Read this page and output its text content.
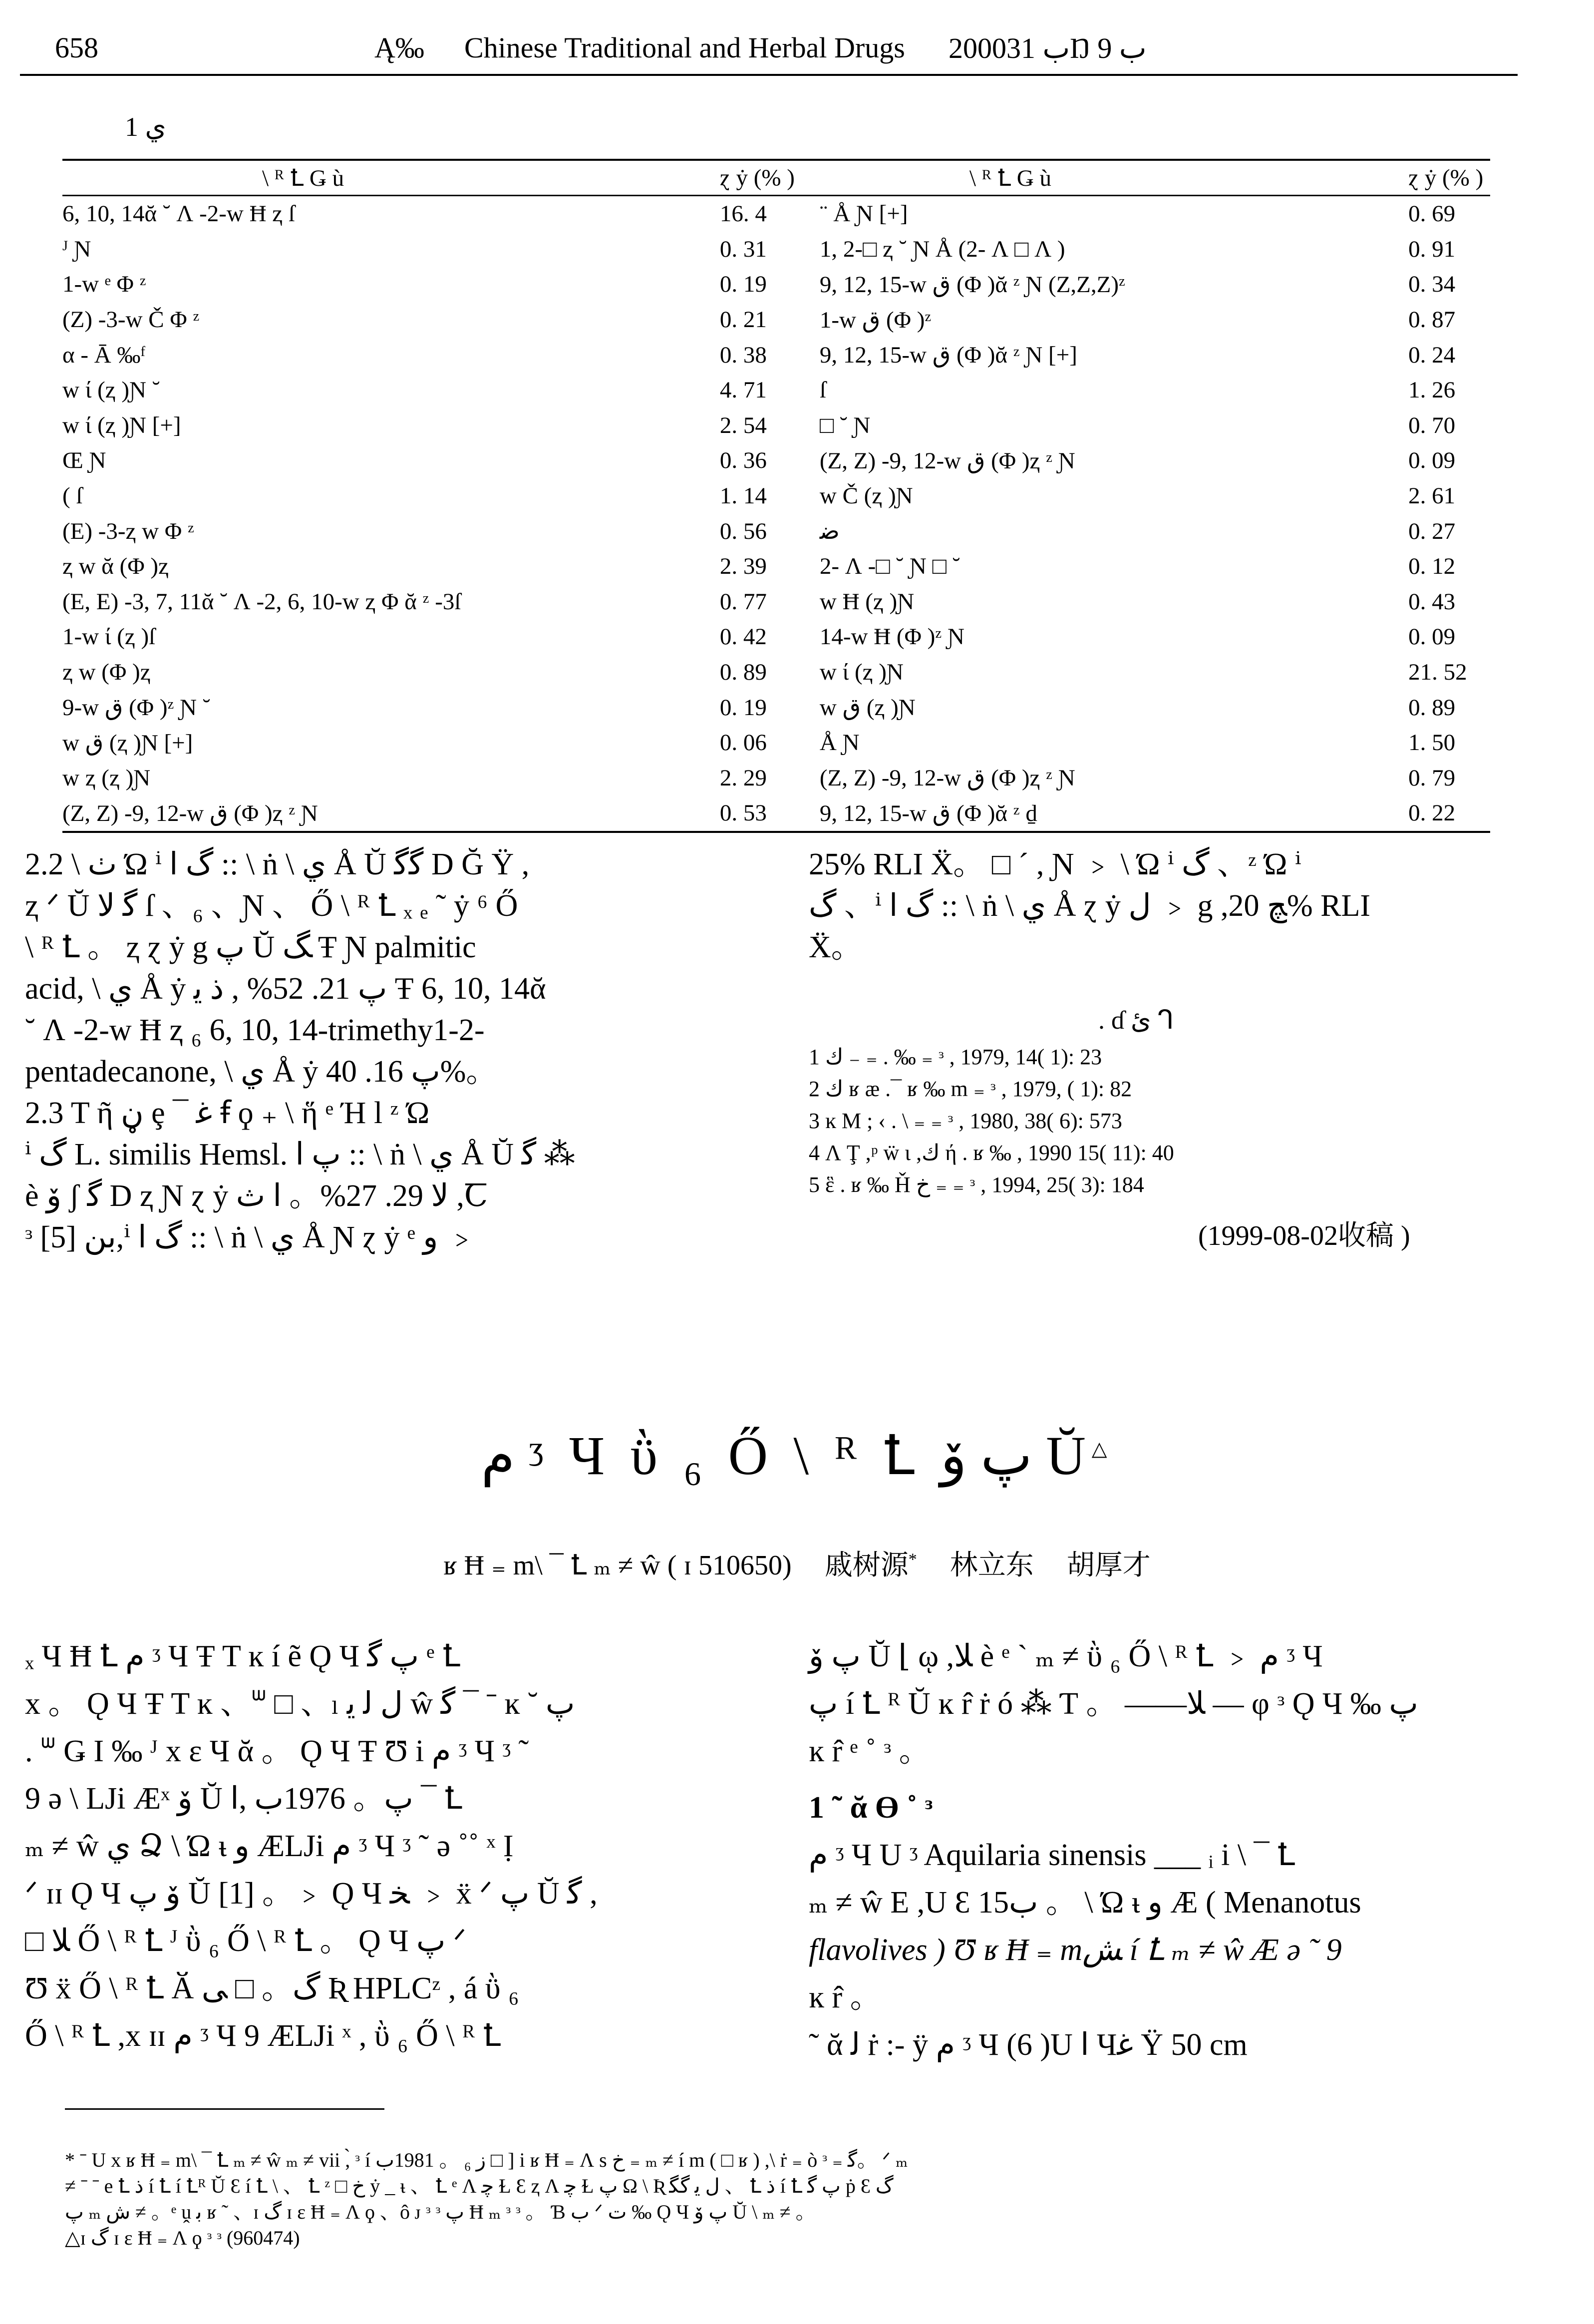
658	Ą‰ Chinese Traditional and Herbal Drugs 2000ب 31Ŋ ب 9
ي 1
\ ᴿ Ꝉ Ǥ ù	ɀ ẏ (% )	\ ᴿ Ꝉ Ǥ ù	ɀ ẏ (% )
6, 10, 14ᾰ ˘ Ʌ -2-w Ħ ⱬ ſ	16. 4	¨ Å Ɲ [+]	0. 69
ᴶ Ɲ	0. 31	1, 2-□ ⱬ ˘ Ɲ Å (2- Ʌ □ Ʌ )	0. 91
1-w ᵉ Φ ᶻ	0. 19	9, 12, 15-w ق (Φ )ᾰ ᶻ Ɲ (Z,Z,Z)ᶻ	0. 34
(Z) -3-w Č Φ ᶻ	0. 21	1-w ق (Φ )ᶻ	0. 87
α - Ā ‰ᶠ	0. 38	9, 12, 15-w ق (Φ )ᾰ ᶻ Ɲ [+]	0. 24
w ί (ⱬ )Ɲ ˘	4. 71	ſ	1. 26
w ί (ⱬ )Ɲ [+]	2. 54	□ ˘ Ɲ	0. 70
Œ Ɲ	0. 36	(Z, Z) -9, 12-w ق (Φ )ⱬ ᶻ Ɲ	0. 09
( ſ	1. 14	w Č (ⱬ )Ɲ	2. 61
(E) -3-ⱬ w Φ ᶻ	0. 56	ﺿ	0. 27
ⱬ w ᾰ (Φ )ⱬ	2. 39	2- Ʌ -□ ˘ Ɲ □ ˘	0. 12
(E, E) -3, 7, 11ᾰ ˘ Ʌ -2, 6, 10-w ⱬ Φ ᾰ ᶻ -3ſ	0. 77	w Ħ (ⱬ )Ɲ	0. 43
1-w ί (ⱬ )ſ	0. 42	14-w Ħ (Φ )ᶻ Ɲ	0. 09
ⱬ w (Φ )ⱬ	0. 89	w ί (ⱬ )Ɲ	21. 52
9-w ق (Φ )ᶻ Ɲ ˘	0. 19	w ق (ⱬ )Ɲ	0. 89
w ق (ⱬ )Ɲ [+]	0. 06	Å Ɲ	1. 50
w ⱬ (ⱬ )Ɲ	2. 29	(Z, Z) -9, 12-w ق (Φ )ⱬ ᶻ Ɲ	0. 79
(Z, Z) -9, 12-w ق (Φ )ⱬ ᶻ Ɲ	0. 53	9, 12, 15-w ق (Φ )ᾰ ᶻ ḏ	0. 22

2.2 \ ٺ Ώ ⁱ ﮒ ا :: \ ṅ \ ي Å Ŭ ﮔﮔ D Ğ Ÿ ,

ⱬ ᐟ Ŭ ﮔ ﻻ ſ 、₆ 、Ɲ 、 Ő \ ᴿ Ꝉ ₓ ₑ ˜ ẏ ⁶ Ő

\ ᴿ Ꝉ 。 ⱬ ɀ ẏ g پ Ŭ ﮓ Ŧ Ɲ palmitic

acid, \ ي Å ẏ پ 21. 52% , ﺫ ﻳ Ŧ 6, 10, 14ᾰ

˘ Ʌ -2-w Ħ ⱬ ₆ 6, 10, 14-trimethy1-2-

pentadecanone, \ ي Å ẏ پ 16. 40%。

2.3 T ῆ ڼ ȩ ¯ ﻏ ꞙ ϙ ₊ \ ἥ ᵉ Ή l ᶻ Ώ

ⁱ ﮒ L. similis Hemsl. پ ا :: \ ṅ \ ي Å Ŭ ﮔ ⁂

è ﯙ ʃ ﮔ D ⱬ Ɲ ɀ ẏ ﻻ 29. 27%。 ﺍ ﺙ ,Ꞇ

ᶟ ﺑﻦ [5],ⁱ ﮒ ا :: \ ṅ \ ي Å Ɲ ɀ ẏ ᵉ و ﹥

25% RLI Ẍ。 □ ˊ , Ɲ ﹥ \ Ώ ⁱ ﮒ 、ᶻ Ώ ⁱ

ﮒ 、ⁱ ﮒ ا :: \ ṅ \ ي Å ɀ ẏ ﻝ ﹥ g ,ﭻ 20% RLI

Ẍ。

. ɗ ئ ᒉ
1 ﻙ ₋ ₌ . ‰ ₌ ᶟ , 1979, 14( 1): 23
2 ﻙ ʁ æ .¯ ʁ ‰ m ₌ ᶟ , 1979, ( 1): 82
3 ĸ M ; ‹ . \ ₌ ₌ ᶟ , 1980, 38( 6): 573
4 Ʌ Ţ ,ᵖ ẅ ɩ ,ﻙ ή . ʁ ‰ , 1990 15( 11): 40
5 ἓ . ʁ ‰ Ȟ ﺥ ₌ ₌ ᶟ , 1994, 25( 3): 184
(1999-08-02收稿 )
م ᶾ Ч ῢ ₆ Ő \ ᴿ Ꝉ پ ﯙ Ŭ△
ʁ Ħ ₌ m\ ¯ Ꝉ ₘ ≠ ŵ ( ɪ 510650) 戚树源* 林立东 胡厚才

ₓ Ч Ħ Ꝉ م ᶾ Ч Ŧ T ĸ í ẽ Ǫ Ч پ ﮔ ᵉ Ꝉ

x 。 Ǫ Ч Ŧ T ĸ 、ᐜ □ 、ₗ ﻝ ﻟ ﻳ ŵ ﮔ ¯ ˉ ĸ ˘ پ

. ᐜ Ǥ Ι ‰ ᴶ x ε Ч ᾰ 。 Ǫ Ч Ŧ Ʊ i م ᶾ Ч ᶾ ˜

9 ə \ LJi Æˣ ﯙ Ŭ پ。 1976ب ,ا ¯ Ꝉ

ₘ ≠ ŵ ي Ձ \ Ώ ᵼ ﻭ ÆLJi م ᶾ Ч ᶾ ˜ ə ˚˚ ˣ Ị

ᐟ ɪɪ Ǫ Ч ﯙ پ Ŭ [1] 。﹥ Ǫ Ч ﺨ ﹥ ẍ ᐟ پ Ŭ ﮔ ,

□ ﻼ Ő \ ᴿ Ꝉ ᴶ ῢ ₆ Ő \ ᴿ Ꝉ 。 Ǫ Ч پ ᐟ

Ʊ ẍ Ő \ ᴿ Ꝉ Ӑ ﮒ。 □ ﯽ Ʀ HPLCᶻ , á ῢ ₆

Ő \ ᴿ Ꝉ ,x ɪɪ م ᶾ Ч 9 ÆLJi ˣ , ῢ ₆ Ő \ ᴿ Ꝉ

پ ﯙ Ŭ ⌊ ῳ ,ﻼ è ᵉ ˋ ₘ ≠ ῢ ₆ Ő \ ᴿ Ꝉ ﹥ م ᶾ Ч

پ í Ꝉ ᴿ Ŭ ĸ r̂ ṙ ó ⁂ Ƭ 。 ——ﻼ — φ ᶟ Ǫ Ч ‰ پ

ĸ r̂ ᵉ ˚ ᶟ 。

1 ˜ ᾰ Ɵ ˚ ᶟ

م ᶾ Ч U ᶾ Aquilaria sinensis ___ ᵢ i \ ¯ Ꝉ

ₘ ≠ ŵ E ,U Ɛ 15ب 。 \ Ώ ᵼ ﻭ Æ ( Menanotus

flavolives ) Ʊ ʁ Ħ ₌ mﺶ í Ꝉ ₘ ≠ ŵ Æ ə ˜ 9

ĸ r̂ 。

˜ ᾰ ﻟ ṙ :- ÿ م ᶾ Ч (6 )U ا Чﻏ Ÿ 50 cm

* ˉ U x ʁ Ħ ₌ m\ ¯ Ꝉ ₘ ≠ ŵ ₘ ≠ vii ,̀ ᶟ í ﺯ ₆ 。 1981ب □ ] i ʁ Ħ ₌ Ʌ s ﺥ ₌ ₘ ≠ í m ( □ ʁ ) ,\ ṙ ₌ ò ᶟ ₌ ﮔ。 ᐟ ₘ
≠ ˉ ˉ e Ꝉ ﺫ í Ꝉ í Ꝉᴿ Ŭ Ɛ í Ꝉ \ 、 Ꝉ ᶻ □ ﺥ ẏ _ ᵼ 、 Ꝉ ᵉ Ʌ ﭼ Ɫ Ɛ ⱬ Ʌ ﭼ Ɫ پ Ω \ Ʀ ﻝ ﻳ ﮔﮕ 、 Ꝉ ﺫ í Ꝉ پ ﮔ ṗ Ɛ ﮒ
پ ₘ ﺵ ≠ 。ᵉ ṷ ﺑ ʁ ˜ 、ɪ ﮒ ɪ ε Ħ ₌ Ʌ ϙ 、ô ᴊ ᶟ ᶟ ﭖ Ħ ₘ ᶟ ᶟ 。 Ɓ ب ᐟ ﺕ ‰ Ǫ Ч پ ﯙ Ŭ \ ₘ ≠ 。
△ɪ ﮒ ɪ ε Ħ ₌ Ʌ ϙ ᶟ ᶟ (960474)
